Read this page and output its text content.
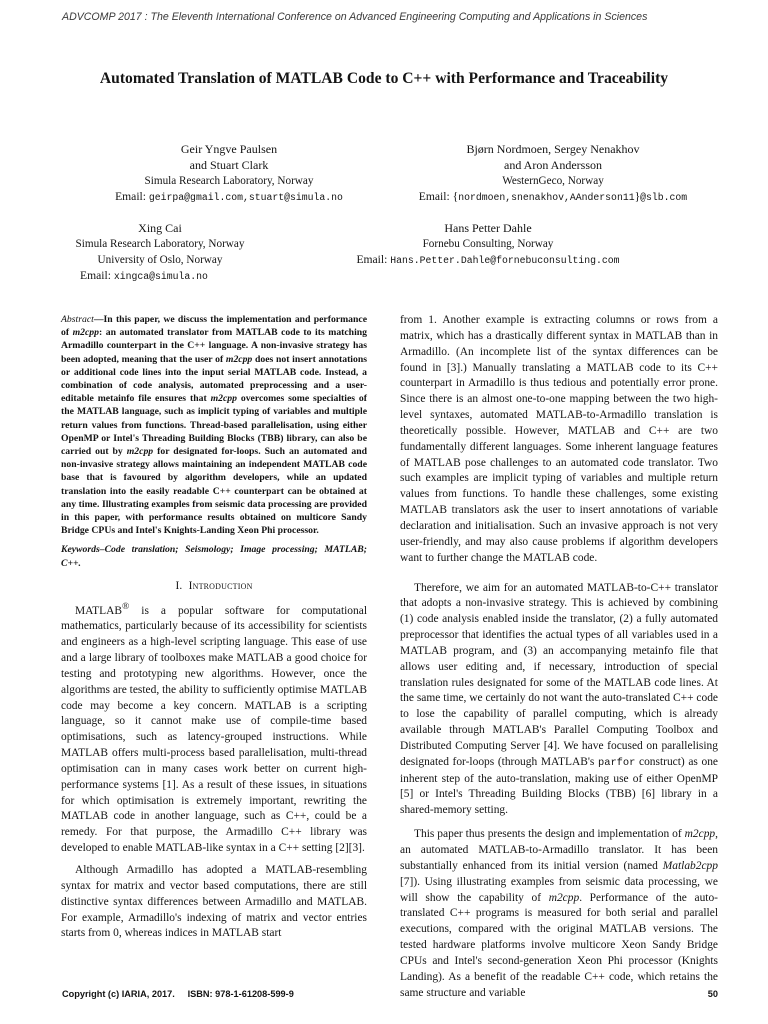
ADVCOMP 2017 : The Eleventh International Conference on Advanced Engineering Computing and Applications in Sciences
Automated Translation of MATLAB Code to C++ with Performance and Traceability
Geir Yngve Paulsen
and Stuart Clark
Simula Research Laboratory, Norway
Email: geirpa@gmail.com,stuart@simula.no
Bjørn Nordmoen, Sergey Nenakhov
and Aron Andersson
WesternGeco, Norway
Email: {nordmoen,snenakhov,AAnderson11}@slb.com
Xing Cai
Simula Research Laboratory, Norway
University of Oslo, Norway
Email: xingca@simula.no
Hans Petter Dahle
Fornebu Consulting, Norway
Email: Hans.Petter.Dahle@fornebuconsulting.com

Abstract—In this paper, we discuss the implementation and performance of m2cpp: an automated translator from MATLAB code to its matching Armadillo counterpart in the C++ language. A non-invasive strategy has been adopted, meaning that the user of m2cpp does not insert annotations or additional code lines into the input serial MATLAB code. Instead, a combination of code analysis, automated preprocessing and a user-editable metainfo file ensures that m2cpp overcomes some specialties of the MATLAB language, such as implicit typing of variables and multiple return values from functions. Thread-based parallelisation, using either OpenMP or Intel's Threading Building Blocks (TBB) library, can also be carried out by m2cpp for designated for-loops. Such an automated and non-invasive strategy allows maintaining an independent MATLAB code base that is favoured by algorithm developers, while an updated translation into the easily readable C++ counterpart can be obtained at any time. Illustrating examples from seismic data processing are provided in this paper, with performance results obtained on multicore Sandy Bridge CPUs and Intel's Knights-Landing Xeon Phi processor.

Keywords–Code translation; Seismology; Image processing; MATLAB; C++.

I. Introduction

MATLAB® is a popular software for computational mathematics, particularly because of its accessibility for scientists and engineers as a high-level scripting language. This ease of use and a large library of toolboxes make MATLAB a good choice for testing and prototyping new algorithms. However, once the algorithms are tested, the ability to sufficiently optimise MATLAB code may become a key concern. MATLAB is a scripting language, so it cannot make use of compile-time based optimisations, such as latency-grouped instructions. While MATLAB offers multi-process based parallelisation, multi-thread optimisation can in many cases work better on current high-performance systems [1]. As a result of these issues, in situations for which optimisation is extremely important, rewriting the MATLAB code in another language, such as C++, could be a remedy. For that purpose, the Armadillo C++ library was developed to enable MATLAB-like syntax in a C++ setting [2][3].

Although Armadillo has adopted a MATLAB-resembling syntax for matrix and vector based computations, there are still distinctive syntax differences between Armadillo and MATLAB. For example, Armadillo's indexing of matrix and vector entries starts from 0, whereas indices in MATLAB start

from 1. Another example is extracting columns or rows from a matrix, which has a drastically different syntax in MATLAB than in Armadillo. (An incomplete list of the syntax differences can be found in [3].) Manually translating a MATLAB code to its C++ counterpart in Armadillo is thus tedious and potentially error prone. Since there is an almost one-to-one mapping between the two high-level syntaxes, automated MATLAB-to-Armadillo translation is theoretically possible. However, MATLAB and C++ are two fundamentally different languages. Some inherent language features of MATLAB pose challenges to an automated code translator. Two such examples are implicit typing of variables and multiple return values from functions. To handle these challenges, some existing MATLAB translators ask the user to insert annotations of variable declaration and initialisation. Such an invasive approach is not very user-friendly, and may also cause problems if algorithm developers want to further change the MATLAB code.

Therefore, we aim for an automated MATLAB-to-C++ translator that adopts a non-invasive strategy. This is achieved by combining (1) code analysis enabled inside the translator, (2) a fully automated preprocessor that identifies the actual types of all variables used in a MATLAB program, and (3) an accompanying metainfo file that allows user editing and, if necessary, introduction of special translation rules designated for some of the MATLAB code lines. At the same time, we certainly do not want the auto-translated C++ code to lose the capability of parallel computing, which is already available through MATLAB's Parallel Computing Toolbox and Distributed Computing Server [4]. We have focused on parallelising designated for-loops (through MATLAB's parfor construct) as one inherent step of the auto-translation, making use of either OpenMP [5] or Intel's Threading Building Blocks (TBB) [6] library in a shared-memory setting.

This paper thus presents the design and implementation of m2cpp, an automated MATLAB-to-Armadillo translator. It has been substantially enhanced from its initial version (named Matlab2cpp [7]). Using illustrating examples from seismic data processing, we will show the capability of m2cpp. Performance of the auto-translated C++ programs is measured for both serial and parallel executions, compared with the original MATLAB versions. The tested hardware platforms involve multicore Xeon Sandy Bridge CPUs and Intel's second-generation Xeon Phi processor (Knights Landing). As a benefit of the readable C++ code, which retains the same structure and variable

Copyright (c) IARIA, 2017. ISBN: 978-1-61208-599-9	50
